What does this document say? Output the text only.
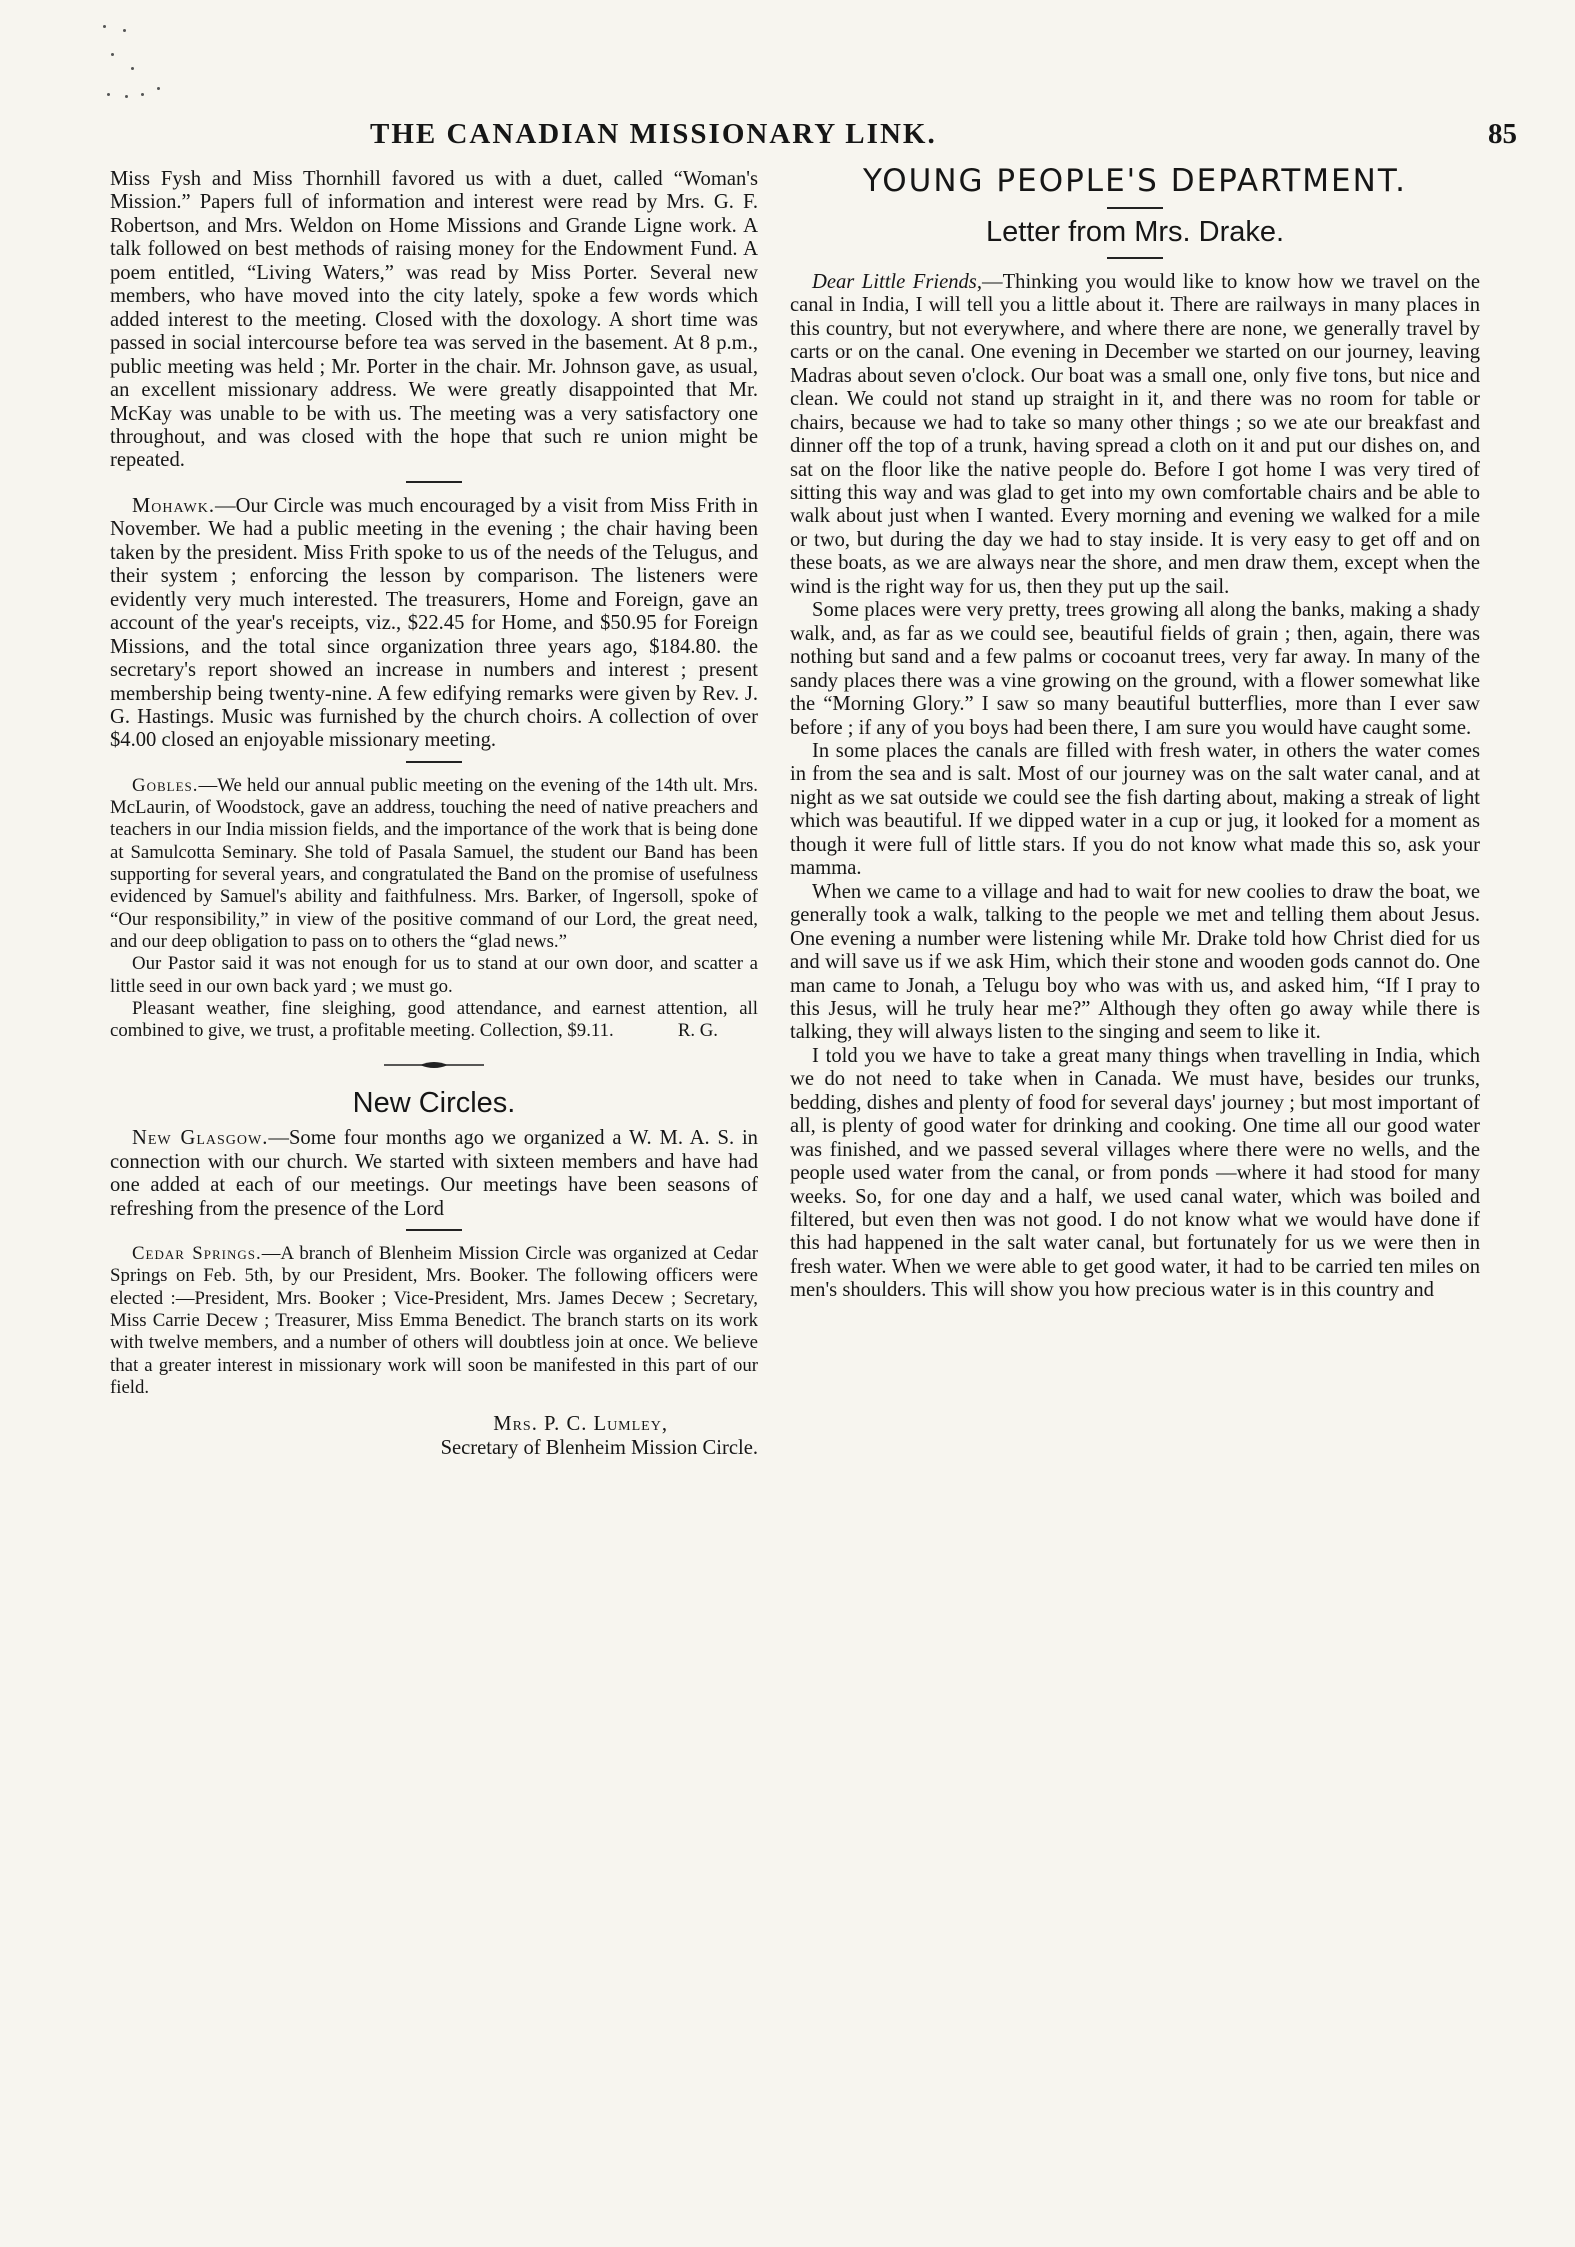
THE CANADIAN MISSIONARY LINK.	85

Miss Fysh and Miss Thornhill favored us with a duet, called “Woman's Mission.” Papers full of information and interest were read by Mrs. G. F. Robertson, and Mrs. Weldon on Home Missions and Grande Ligne work. A talk followed on best methods of raising money for the Endowment Fund. A poem entitled, “Living Waters,” was read by Miss Porter. Several new members, who have moved into the city lately, spoke a few words which added interest to the meeting. Closed with the doxology. A short time was passed in social intercourse before tea was served in the basement. At 8 p.m., public meeting was held ; Mr. Porter in the chair. Mr. Johnson gave, as usual, an excellent missionary address. We were greatly disappointed that Mr. McKay was unable to be with us. The meeting was a very satisfactory one throughout, and was closed with the hope that such re union might be repeated.

Mohawk.—Our Circle was much encouraged by a visit from Miss Frith in November. We had a public meeting in the evening ; the chair having been taken by the president. Miss Frith spoke to us of the needs of the Telugus, and their system ; enforcing the lesson by comparison. The listeners were evidently very much interested. The treasurers, Home and Foreign, gave an account of the year's receipts, viz., $22.45 for Home, and $50.95 for Foreign Missions, and the total since organization three years ago, $184.80. the secretary's report showed an increase in numbers and interest ; present membership being twenty-nine. A few edifying remarks were given by Rev. J. G. Hastings. Music was furnished by the church choirs. A collection of over $4.00 closed an enjoyable missionary meeting.

Gobles.—We held our annual public meeting on the evening of the 14th ult. Mrs. McLaurin, of Woodstock, gave an address, touching the need of native preachers and teachers in our India mission fields, and the importance of the work that is being done at Samulcotta Seminary. She told of Pasala Samuel, the student our Band has been supporting for several years, and congratulated the Band on the promise of usefulness evidenced by Samuel's ability and faithfulness. Mrs. Barker, of Ingersoll, spoke of “Our responsibility,” in view of the positive command of our Lord, the great need, and our deep obligation to pass on to others the “glad news.”

Our Pastor said it was not enough for us to stand at our own door, and scatter a little seed in our own back yard ; we must go.

Pleasant weather, fine sleighing, good attendance, and earnest attention, all combined to give, we trust, a profitable meeting. Collection, $9.11.	R. G.

New Circles.

New Glasgow.—Some four months ago we organized a W. M. A. S. in connection with our church. We started with sixteen members and have had one added at each of our meetings. Our meetings have been seasons of refreshing from the presence of the Lord

Cedar Springs.—A branch of Blenheim Mission Circle was organized at Cedar Springs on Feb. 5th, by our President, Mrs. Booker. The following officers were elected :—President, Mrs. Booker ; Vice-President, Mrs. James Decew ; Secretary, Miss Carrie Decew ; Treasurer, Miss Emma Benedict. The branch starts on its work with twelve members, and a number of others will doubtless join at once. We believe that a greater interest in missionary work will soon be manifested in this part of our field.

Mrs. P. C. Lumley,
Secretary of Blenheim Mission Circle.
YOUNG PEOPLE'S DEPARTMENT.
Letter from Mrs. Drake.

Dear Little Friends,—Thinking you would like to know how we travel on the canal in India, I will tell you a little about it. There are railways in many places in this country, but not everywhere, and where there are none, we generally travel by carts or on the canal. One evening in December we started on our journey, leaving Madras about seven o'clock. Our boat was a small one, only five tons, but nice and clean. We could not stand up straight in it, and there was no room for table or chairs, because we had to take so many other things ; so we ate our breakfast and dinner off the top of a trunk, having spread a cloth on it and put our dishes on, and sat on the floor like the native people do. Before I got home I was very tired of sitting this way and was glad to get into my own comfortable chairs and be able to walk about just when I wanted. Every morning and evening we walked for a mile or two, but during the day we had to stay inside. It is very easy to get off and on these boats, as we are always near the shore, and men draw them, except when the wind is the right way for us, then they put up the sail.

Some places were very pretty, trees growing all along the banks, making a shady walk, and, as far as we could see, beautiful fields of grain ; then, again, there was nothing but sand and a few palms or cocoanut trees, very far away. In many of the sandy places there was a vine growing on the ground, with a flower somewhat like the “Morning Glory.” I saw so many beautiful butterflies, more than I ever saw before ; if any of you boys had been there, I am sure you would have caught some.

In some places the canals are filled with fresh water, in others the water comes in from the sea and is salt. Most of our journey was on the salt water canal, and at night as we sat outside we could see the fish darting about, making a streak of light which was beautiful. If we dipped water in a cup or jug, it looked for a moment as though it were full of little stars. If you do not know what made this so, ask your mamma.

When we came to a village and had to wait for new coolies to draw the boat, we generally took a walk, talking to the people we met and telling them about Jesus. One evening a number were listening while Mr. Drake told how Christ died for us and will save us if we ask Him, which their stone and wooden gods cannot do. One man came to Jonah, a Telugu boy who was with us, and asked him, “If I pray to this Jesus, will he truly hear me?” Although they often go away while there is talking, they will always listen to the singing and seem to like it.

I told you we have to take a great many things when travelling in India, which we do not need to take when in Canada. We must have, besides our trunks, bedding, dishes and plenty of food for several days' journey ; but most important of all, is plenty of good water for drinking and cooking. One time all our good water was finished, and we passed several villages where there were no wells, and the people used water from the canal, or from ponds —where it had stood for many weeks. So, for one day and a half, we used canal water, which was boiled and filtered, but even then was not good. I do not know what we would have done if this had happened in the salt water canal, but fortunately for us we were then in fresh water. When we were able to get good water, it had to be carried ten miles on men's shoulders. This will show you how precious water is in this country and
